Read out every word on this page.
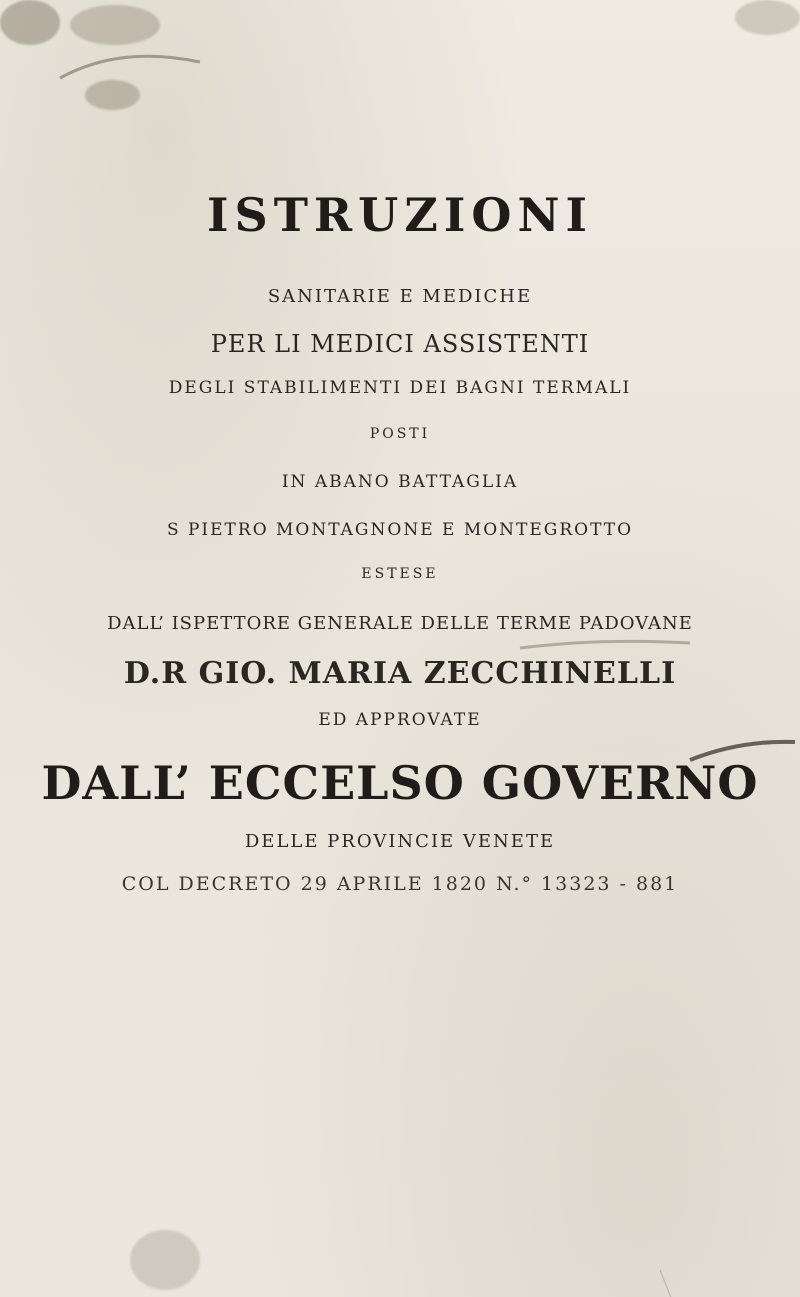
ISTRUZIONI
SANITARIE E MEDICHE
PER LI MEDICI ASSISTENTI
DEGLI STABILIMENTI DEI BAGNI TERMALI
POSTI
IN ABANO BATTAGLIA
S PIETRO MONTAGNONE E MONTEGROTTO
ESTESE
DALL’ ISPETTORE GENERALE DELLE TERME PADOVANE
D.R GIO. MARIA ZECCHINELLI
ED APPROVATE
DALL’ ECCELSO GOVERNO
DELLE PROVINCIE VENETE
COL DECRETO 29 APRILE 1820 N.° 13323 - 881
